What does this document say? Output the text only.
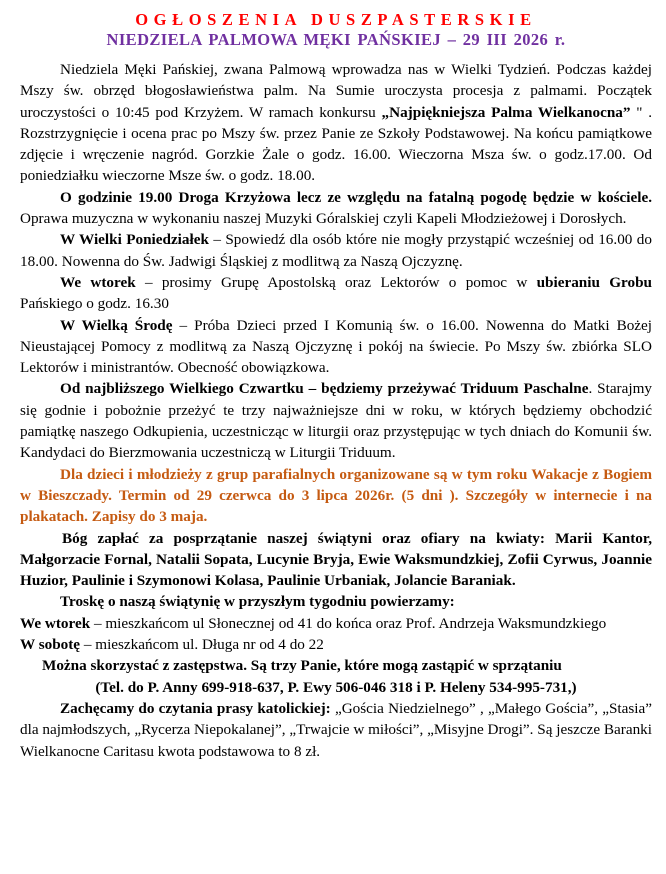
OGŁOSZENIA DUSZPASTERSKIE
NIEDZIELA PALMOWA MĘKI PAŃSKIEJ – 29 III 2026 r.

Niedziela Męki Pańskiej, zwana Palmową wprowadza nas w Wielki Tydzień. Podczas każdej Mszy św. obrzęd błogosławieństwa palm. Na Sumie uroczysta procesja z palmami. Początek uroczystości o 10:45 pod Krzyżem. W ramach konkursu „Najpiękniejsza Palma Wielkanocna” " . Rozstrzygnięcie i ocena prac po Mszy św. przez Panie ze Szkoły Podstawowej. Na końcu pamiątkowe zdjęcie i wręczenie nagród. Gorzkie Żale o godz. 16.00. Wieczorna Msza św. o godz.17.00. Od poniedziałku wieczorne Msze św. o godz. 18.00.

O godzinie 19.00 Droga Krzyżowa lecz ze względu na fatalną pogodę będzie w kościele. Oprawa muzyczna w wykonaniu naszej Muzyki Góralskiej czyli Kapeli Młodzieżowej i Dorosłych.

W Wielki Poniedziałek – Spowiedź dla osób które nie mogły przystąpić wcześniej od 16.00 do 18.00. Nowenna do Św. Jadwigi Śląskiej z modlitwą za Naszą Ojczyznę.

We wtorek – prosimy Grupę Apostolską oraz Lektorów o pomoc w ubieraniu Grobu Pańskiego o godz. 16.30

W Wielką Środę – Próba Dzieci przed I Komunią św. o 16.00. Nowenna do Matki Bożej Nieustającej Pomocy z modlitwą za Naszą Ojczyznę i pokój na świecie. Po Mszy św. zbiórka SLO Lektorów i ministrantów. Obecność obowiązkowa.

Od najbliższego Wielkiego Czwartku – będziemy przeżywać Triduum Paschalne. Starajmy się godnie i pobożnie przeżyć te trzy najważniejsze dni w roku, w których będziemy obchodzić pamiątkę naszego Odkupienia, uczestnicząc w liturgii oraz przystępując w tych dniach do Komunii św. Kandydaci do Bierzmowania uczestniczą w Liturgii Triduum.

Dla dzieci i młodzieży z grup parafialnych organizowane są w tym roku Wakacje z Bogiem w Bieszczady. Termin od 29 czerwca do 3 lipca 2026r. (5 dni ). Szczegóły w internecie i na plakatach. Zapisy do 3 maja.

Bóg zapłać za posprzątanie naszej świątyni oraz ofiary na kwiaty: Marii Kantor, Małgorzacie Fornal, Natalii Sopata, Lucynie Bryja, Ewie Waksmundzkiej, Zofii Cyrwus, Joannie Huzior, Paulinie i Szymonowi Kolasa, Paulinie Urbaniak, Jolancie Baraniak.

Troskę o naszą świątynię w przyszłym tygodniu powierzamy:

We wtorek – mieszkańcom ul Słonecznej od 41 do końca oraz Prof. Andrzeja Waksmundzkiego

W sobotę – mieszkańcom ul. Długa nr od 4 do 22

Można skorzystać z zastępstwa. Są trzy Panie, które mogą zastąpić w sprzątaniu

(Tel. do P. Anny 699-918-637, P. Ewy 506-046 318 i P. Heleny 534-995-731,)

Zachęcamy do czytania prasy katolickiej: „Gościa Niedzielnego” , „Małego Gościa”, „Stasia” dla najmłodszych, „Rycerza Niepokalanej”, „Trwajcie w miłości”, „Misyjne Drogi”. Są jeszcze Baranki Wielkanocne Caritasu kwota podstawowa to 8 zł.
